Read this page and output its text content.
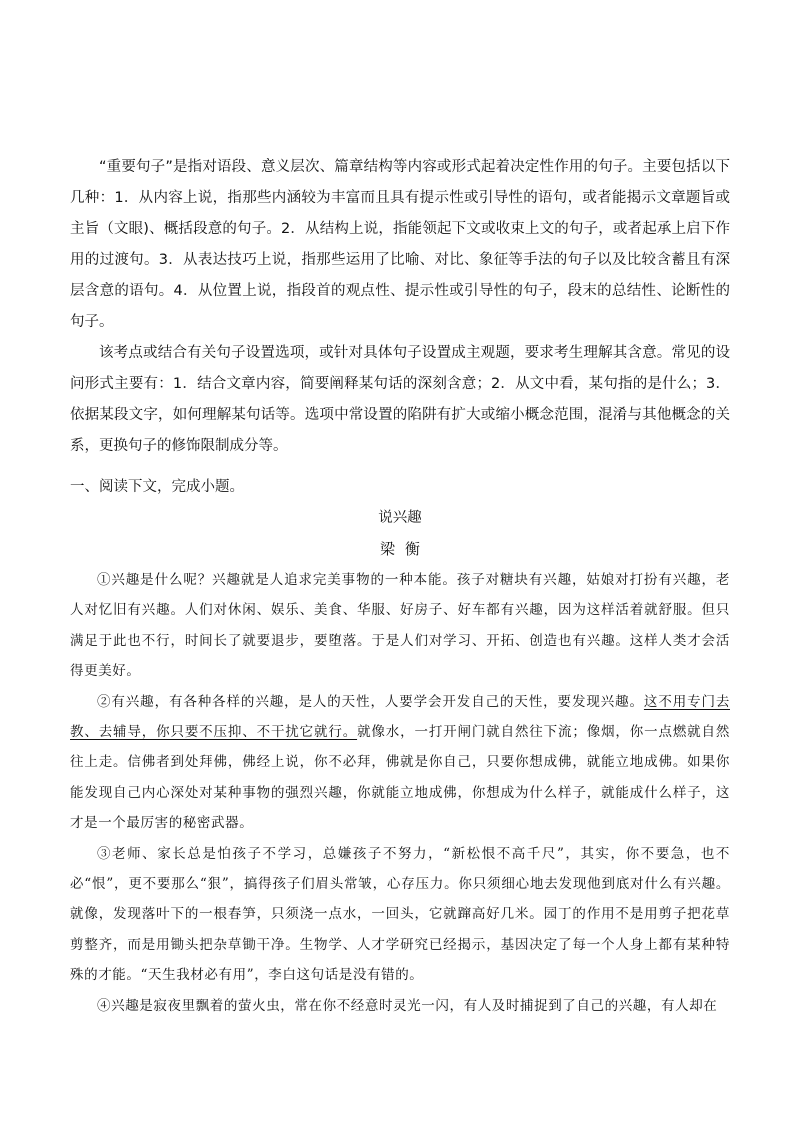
“重要句子”是指对语段、意义层次、篇章结构等内容或形式起着决定性作用的句子。主要包括以下几种：1．从内容上说，指那些内涵较为丰富而且具有提示性或引导性的语句，或者能揭示文章题旨或主旨（文眼)、概括段意的句子。2．从结构上说，指能领起下文或收束上文的句子，或者起承上启下作用的过渡句。3．从表达技巧上说，指那些运用了比喻、对比、象征等手法的句子以及比较含蓄且有深层含意的语句。4．从位置上说，指段首的观点性、提示性或引导性的句子，段末的总结性、论断性的句子。

该考点或结合有关句子设置选项，或针对具体句子设置成主观题，要求考生理解其含意。常见的设问形式主要有：1．结合文章内容，简要阐释某句话的深刻含意；2．从文中看，某句指的是什么；3．依据某段文字，如何理解某句话等。选项中常设置的陷阱有扩大或缩小概念范围，混淆与其他概念的关系，更换句子的修饰限制成分等。

一、阅读下文，完成小题。
说兴趣
梁衡

①兴趣是什么呢？兴趣就是人追求完美事物的一种本能。孩子对糖块有兴趣，姑娘对打扮有兴趣，老人对忆旧有兴趣。人们对休闲、娱乐、美食、华服、好房子、好车都有兴趣，因为这样活着就舒服。但只满足于此也不行，时间长了就要退步，要堕落。于是人们对学习、开拓、创造也有兴趣。这样人类才会活得更美好。

②有兴趣，有各种各样的兴趣，是人的天性，人要学会开发自己的天性，要发现兴趣。这不用专门去教、去辅导，你只要不压抑、不干扰它就行。就像水，一打开闸门就自然往下流；像烟，你一点燃就自然往上走。信佛者到处拜佛，佛经上说，你不必拜，佛就是你自己，只要你想成佛，就能立地成佛。如果你能发现自己内心深处对某种事物的强烈兴趣，你就能立地成佛，你想成为什么样子，就能成什么样子，这才是一个最厉害的秘密武器。

③老师、家长总是怕孩子不学习，总嫌孩子不努力，“新松恨不高千尺”，其实，你不要急，也不必“恨”，更不要那么“狠”，搞得孩子们眉头常皱，心存压力。你只须细心地去发现他到底对什么有兴趣。就像，发现落叶下的一根春笋，只须浇一点水，一回头，它就蹿高好几米。园丁的作用不是用剪子把花草剪整齐，而是用锄头把杂草锄干净。生物学、人才学研究已经揭示，基因决定了每一个人身上都有某种特殊的才能。“天生我材必有用”，李白这句话是没有错的。

④兴趣是寂夜里飘着的萤火虫，常在你不经意时灵光一闪，有人及时捕捉到了自己的兴趣，有人却在
